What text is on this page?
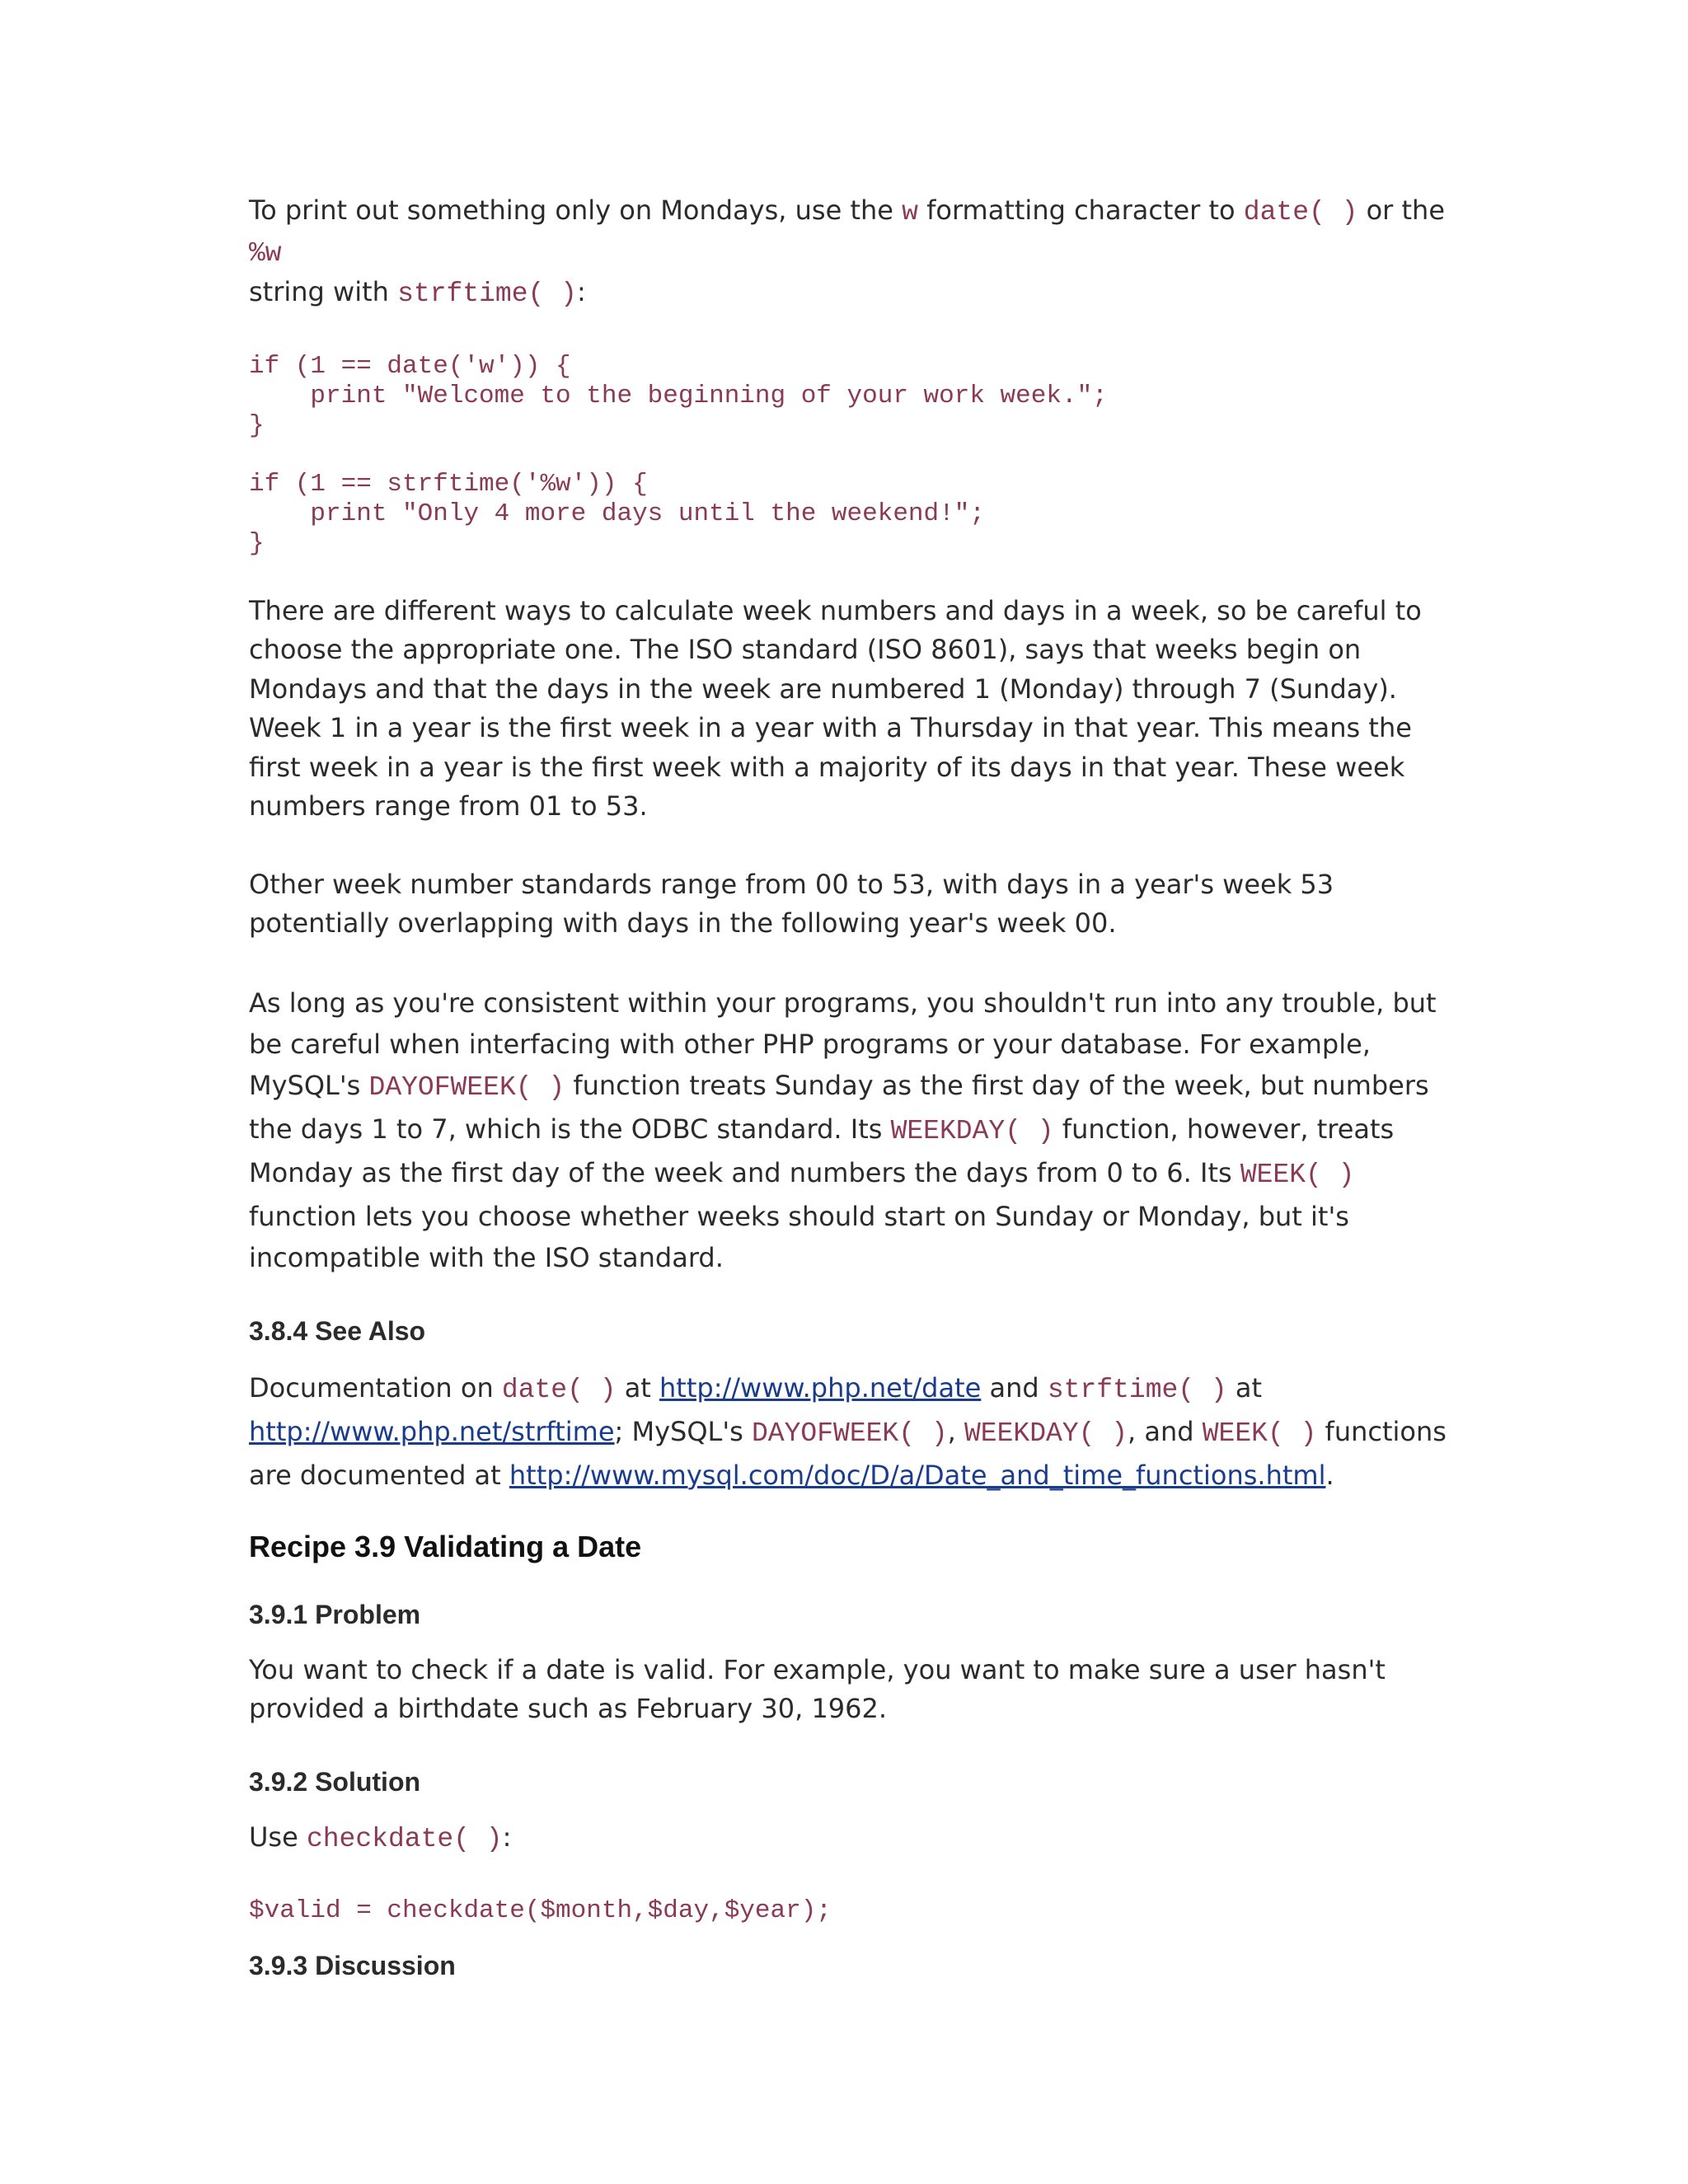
To print out something only on Mondays, use the w formatting character to date( ) or the %w
string with strftime( ):

if (1 == date('w')) {
print "Welcome to the beginning of your work week.";
}
if (1 == strftime('%w')) {
print "Only 4 more days until the weekend!";
}

There are different ways to calculate week numbers and days in a week, so be careful to choose the appropriate one. The ISO standard (ISO 8601), says that weeks begin on Mondays and that the days in the week are numbered 1 (Monday) through 7 (Sunday). Week 1 in a year is the first week in a year with a Thursday in that year. This means the first week in a year is the first week with a majority of its days in that year. These week numbers range from 01 to 53.

Other week number standards range from 00 to 53, with days in a year's week 53 potentially overlapping with days in the following year's week 00.

As long as you're consistent within your programs, you shouldn't run into any trouble, but be careful when interfacing with other PHP programs or your database. For example, MySQL's DAYOFWEEK( ) function treats Sunday as the first day of the week, but numbers the days 1 to 7, which is the ODBC standard. Its WEEKDAY( ) function, however, treats Monday as the first day of the week and numbers the days from 0 to 6. Its WEEK( ) function lets you choose whether weeks should start on Sunday or Monday, but it's incompatible with the ISO standard.

3.8.4 See Also

Documentation on date( ) at http://www.php.net/date and strftime( ) at
http://www.php.net/strftime; MySQL's DAYOFWEEK( ), WEEKDAY( ), and WEEK( ) functions are documented at http://www.mysql.com/doc/D/a/Date_and_time_functions.html.

Recipe 3.9 Validating a Date
3.9.1 Problem

You want to check if a date is valid. For example, you want to make sure a user hasn't provided a birthdate such as February 30, 1962.

3.9.2 Solution

Use checkdate( ):

$valid = checkdate($month,$day,$year);
3.9.3 Discussion
